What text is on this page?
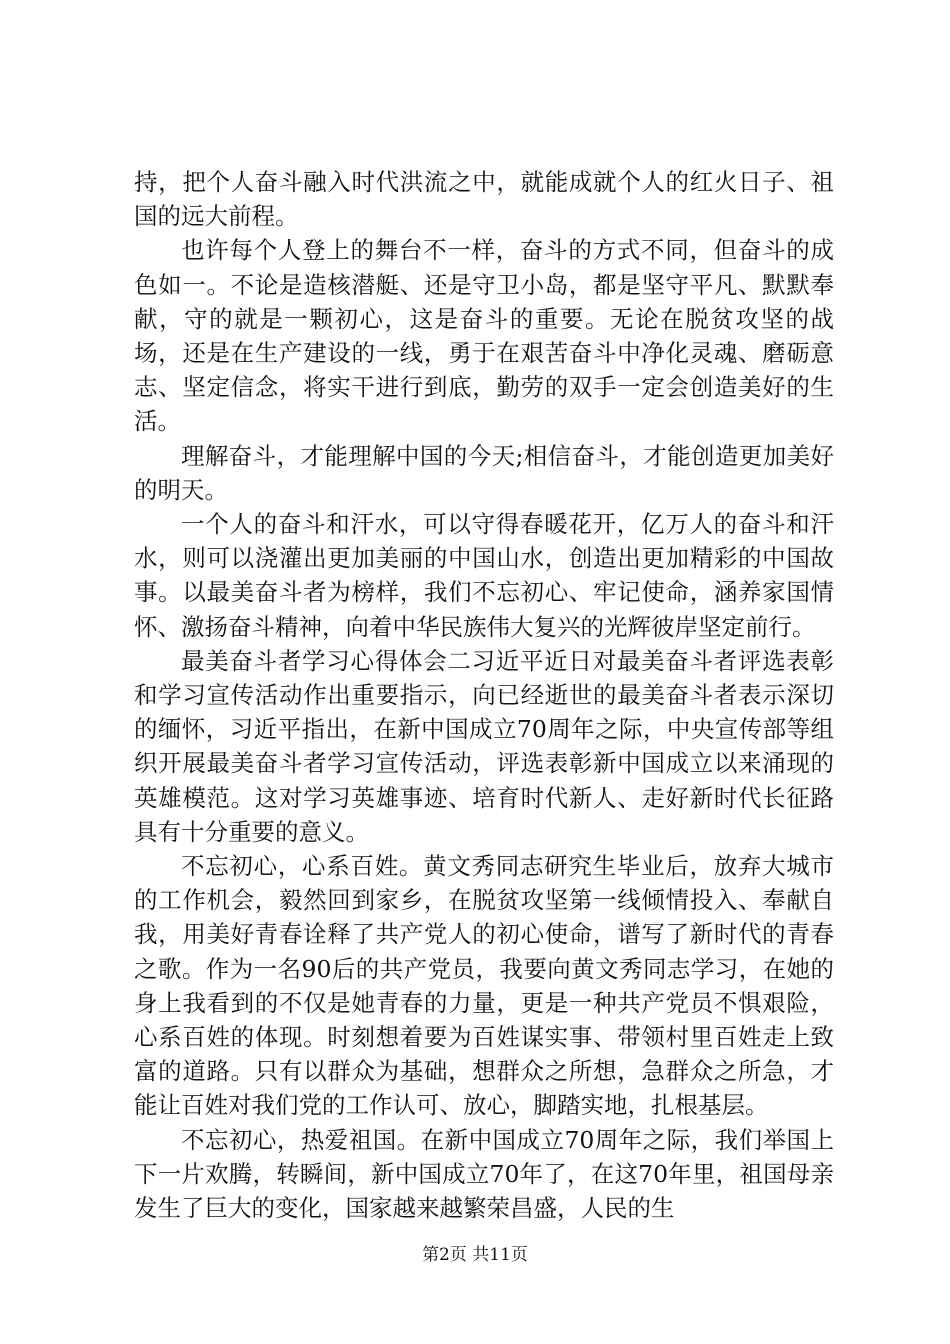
持，把个人奋斗融入时代洪流之中，就能成就个人的红火日子、祖国的远大前程。

也许每个人登上的舞台不一样，奋斗的方式不同，但奋斗的成色如一。不论是造核潜艇、还是守卫小岛，都是坚守平凡、默默奉献，守的就是一颗初心，这是奋斗的重要。无论在脱贫攻坚的战场，还是在生产建设的一线，勇于在艰苦奋斗中净化灵魂、磨砺意志、坚定信念，将实干进行到底，勤劳的双手一定会创造美好的生活。

理解奋斗，才能理解中国的今天;相信奋斗，才能创造更加美好的明天。

一个人的奋斗和汗水，可以守得春暖花开，亿万人的奋斗和汗水，则可以浇灌出更加美丽的中国山水，创造出更加精彩的中国故事。以最美奋斗者为榜样，我们不忘初心、牢记使命，涵养家国情怀、激扬奋斗精神，向着中华民族伟大复兴的光辉彼岸坚定前行。

最美奋斗者学习心得体会二习近平近日对最美奋斗者评选表彰和学习宣传活动作出重要指示，向已经逝世的最美奋斗者表示深切的缅怀，习近平指出，在新中国成立70周年之际，中央宣传部等组织开展最美奋斗者学习宣传活动，评选表彰新中国成立以来涌现的英雄模范。这对学习英雄事迹、培育时代新人、走好新时代长征路具有十分重要的意义。

不忘初心，心系百姓。黄文秀同志研究生毕业后，放弃大城市的工作机会，毅然回到家乡，在脱贫攻坚第一线倾情投入、奉献自我，用美好青春诠释了共产党人的初心使命，谱写了新时代的青春之歌。作为一名90后的共产党员，我要向黄文秀同志学习，在她的身上我看到的不仅是她青春的力量，更是一种共产党员不惧艰险，心系百姓的体现。时刻想着要为百姓谋实事、带领村里百姓走上致富的道路。只有以群众为基础，想群众之所想，急群众之所急，才能让百姓对我们党的工作认可、放心，脚踏实地，扎根基层。

不忘初心，热爱祖国。在新中国成立70周年之际，我们举国上下一片欢腾，转瞬间，新中国成立70年了，在这70年里，祖国母亲发生了巨大的变化，国家越来越繁荣昌盛，人民的生

第2页 共11页
